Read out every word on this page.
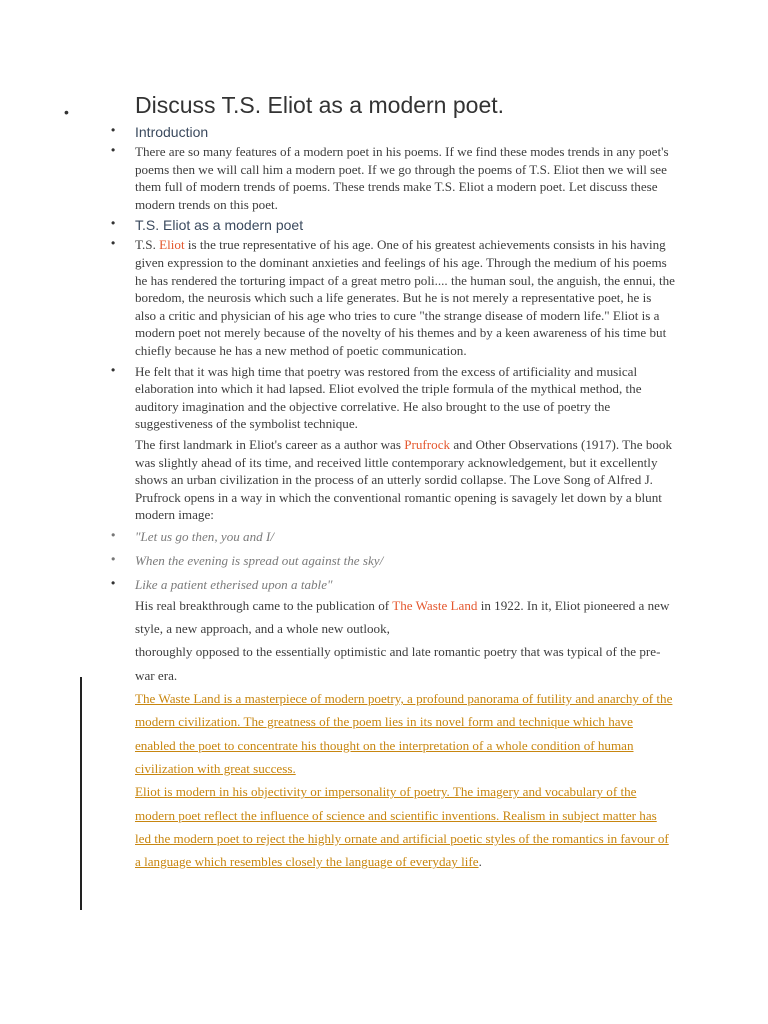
•	Discuss T.S. Eliot as a modern poet.
• Introduction
• There are so many features of a modern poet in his poems. If we find these modes trends in any poet's poems then we will call him a modern poet. If we go through the poems of T.S. Eliot then we will see them full of modern trends of poems. These trends make T.S. Eliot a modern poet. Let discuss these modern trends on this poet.
• T.S. Eliot as a modern poet
• T.S. Eliot is the true representative of his age. One of his greatest achievements consists in his having given expression to the dominant anxieties and feelings of his age. Through the medium of his poems he has rendered the torturing impact of a great metro poli.... the human soul, the anguish, the ennui, the boredom, the neurosis which such a life generates. But he is not merely a representative poet, he is also a critic and physician of his age who tries to cure "the strange disease of modern life." Eliot is a modern poet not merely because of the novelty of his themes and by a keen awareness of his time but chiefly because he has a new method of poetic communication.
• He felt that it was high time that poetry was restored from the excess of artificiality and musical elaboration into which it had lapsed. Eliot evolved the triple formula of the mythical method, the auditory imagination and the objective correlative. He also brought to the use of poetry the suggestiveness of the symbolist technique.
The first landmark in Eliot's career as a author was Prufrock and Other Observations (1917). The book was slightly ahead of its time, and received little contemporary acknowledgement, but it excellently shows an urban civilization in the process of an utterly sordid collapse. The Love Song of Alfred J. Prufrock opens in a way in which the conventional romantic opening is savagely let down by a blunt modern image:
• "Let us go then, you and I/
• When the evening is spread out against the sky/
• Like a patient etherised upon a table"
His real breakthrough came to the publication of The Waste Land in 1922. In it, Eliot pioneered a new style, a new approach, and a whole new outlook,
thoroughly opposed to the essentially optimistic and late romantic poetry that was typical of the pre-war era.
The Waste Land is a masterpiece of modern poetry, a profound panorama of futility and anarchy of the modern civilization. The greatness of the poem lies in its novel form and technique which have enabled the poet to concentrate his thought on the interpretation of a whole condition of human civilization with great success.
Eliot is modern in his objectivity or impersonality of poetry. The imagery and vocabulary of the modern poet reflect the influence of science and scientific inventions. Realism in subject matter has led the modern poet to reject the highly ornate and artificial poetic styles of the romantics in favour of a language which resembles closely the language of everyday life.
